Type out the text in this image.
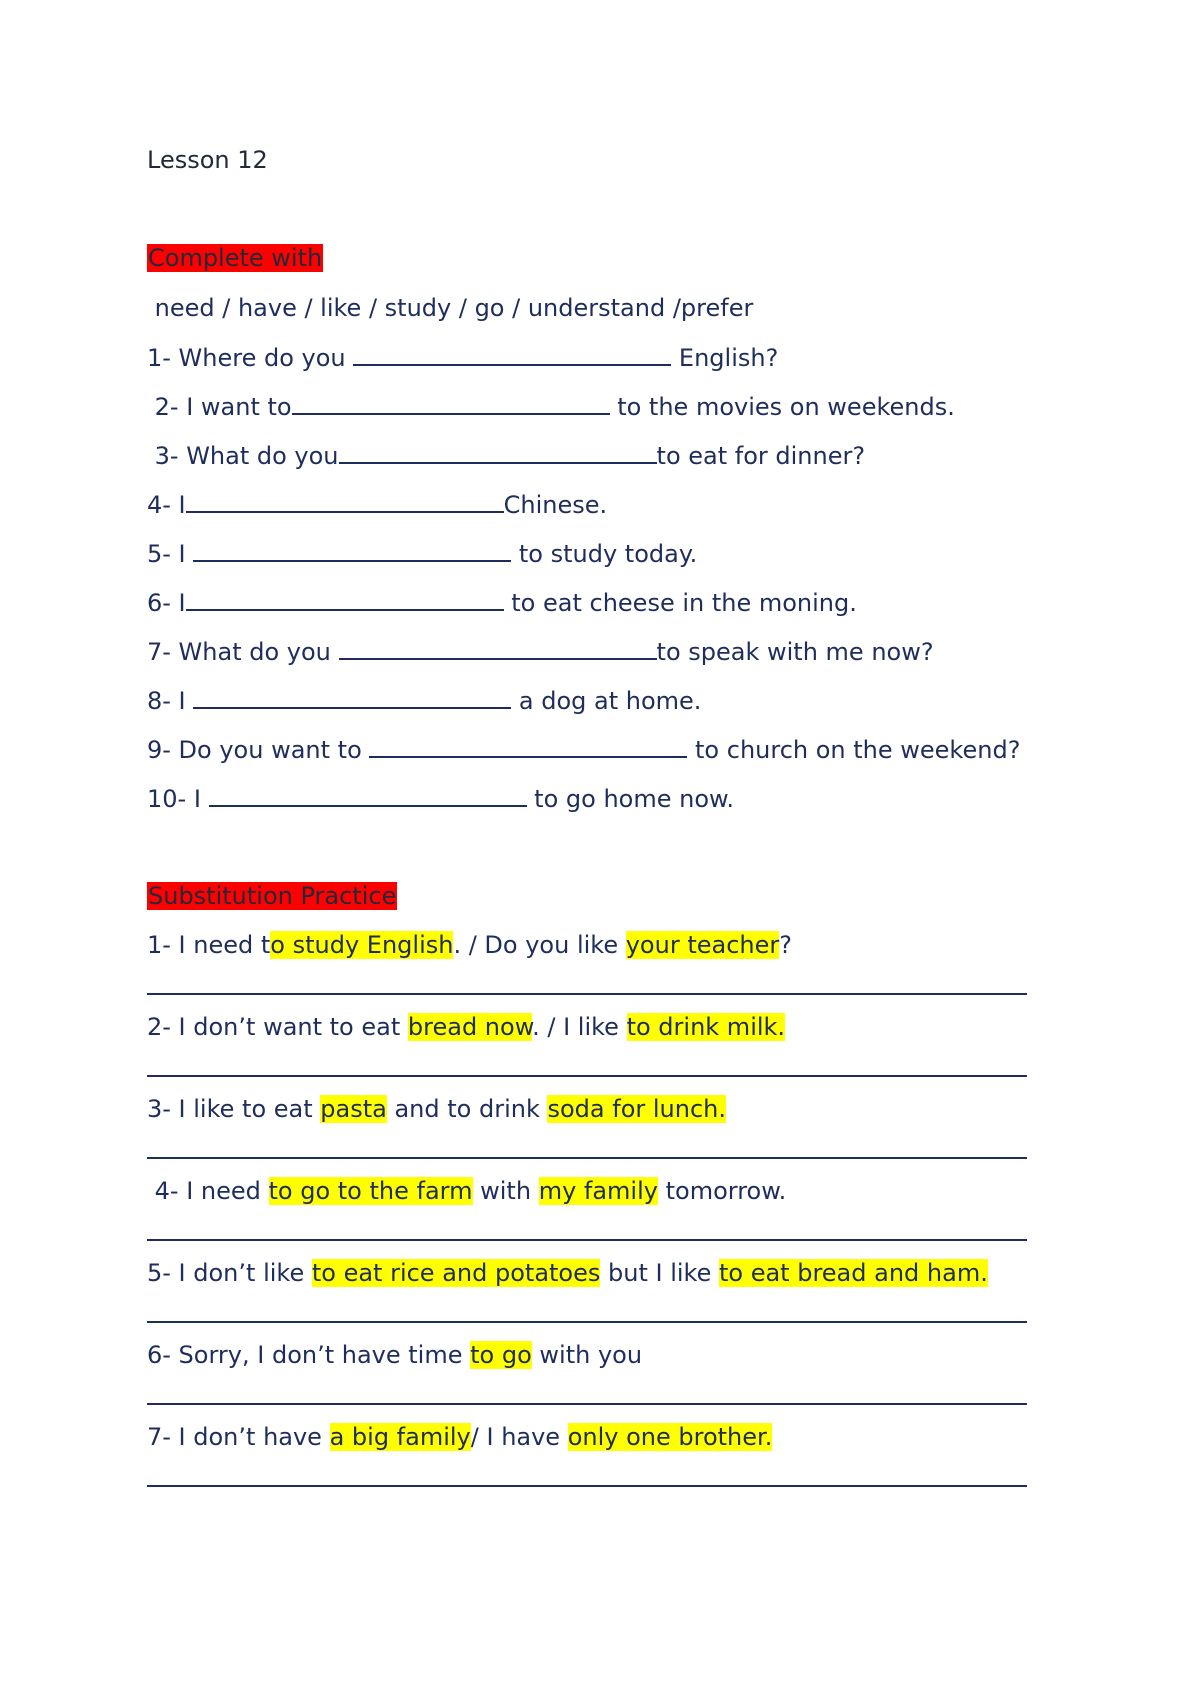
Lesson 12
Complete with
need / have / like / study / go / understand /prefer
1- Where do you	English?
2- I want to	to the movies on weekends.
3- What do you	to eat for dinner?
4- I	Chinese.
5- I	to study today.
6- I	to eat cheese in the moning.
7- What do you	to speak with me now?
8- I	a dog at home.
9- Do you want to	to church on the weekend?
10- I	to go home now.
Substitution Practice
1- I need to study English. / Do you like your teacher?
2- I don’t want to eat bread now. / I like to drink milk.
3- I like to eat pasta and to drink soda for lunch.
4- I need to go to the farm with my family tomorrow.
5- I don’t like to eat rice and potatoes but I like to eat bread and ham.
6- Sorry, I don’t have time to go with you
7- I don’t have a big family/ I have only one brother.
